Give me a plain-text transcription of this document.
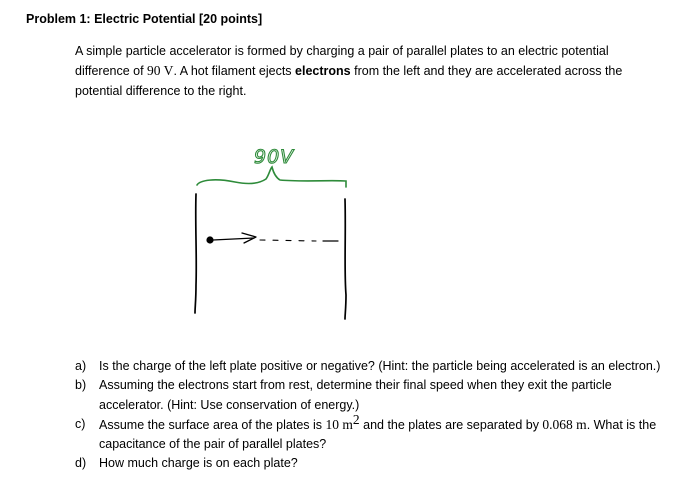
Problem 1: Electric Potential [20 points]

A simple particle accelerator is formed by charging a pair of parallel plates to an electric potential difference of 90 V. A hot filament ejects electrons from the left and they are accelerated across the potential difference to the right.

90V
a) Is the charge of the left plate positive or negative? (Hint: the particle being accelerated is an electron.)
b) Assuming the electrons start from rest, determine their final speed when they exit the particle accelerator. (Hint: Use conservation of energy.)
c) Assume the surface area of the plates is 10 $m^2$ and the plates are separated by 0.068 m. What is the capacitance of the pair of parallel plates?
d) How much charge is on each plate?
